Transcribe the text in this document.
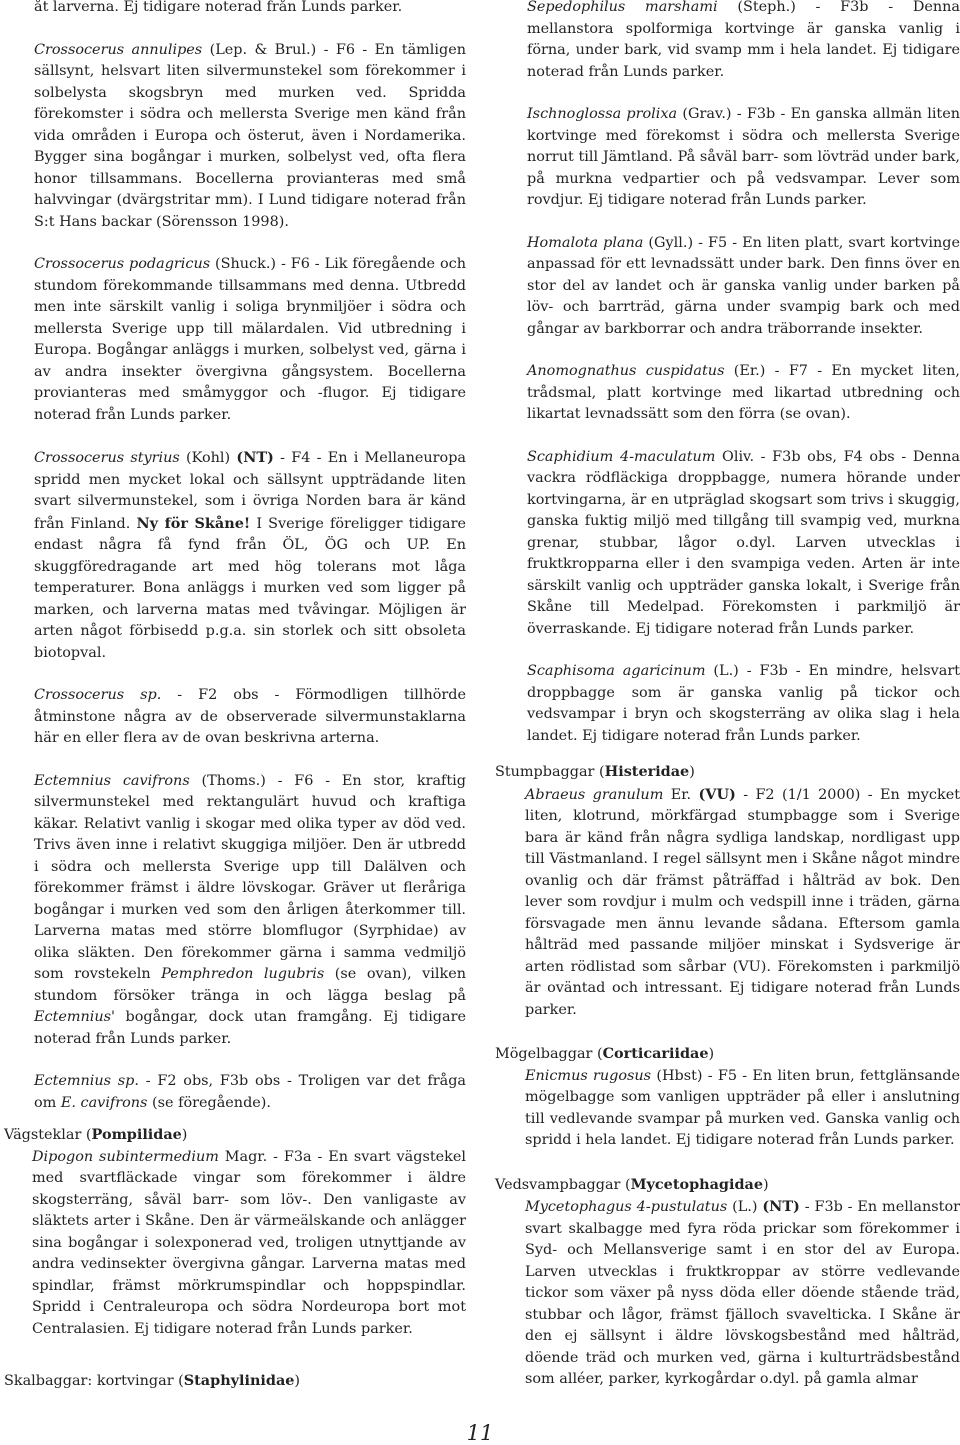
åt larverna. Ej tidigare noterad från Lunds parker.

Crossocerus annulipes (Lep. & Brul.) - F6 - En tämligen sällsynt, helsvart liten silvermunstekel som förekommer i solbelysta skogsbryn med murken ved. Spridda förekomster i södra och mellersta Sverige men känd från vida områden i Europa och österut, även i Nordamerika. Bygger sina bogångar i murken, solbelyst ved, ofta flera honor tillsammans. Bocellerna provianteras med små halvvingar (dvärgstritar mm). I Lund tidigare noterad från S:t Hans backar (Sörensson 1998).

Crossocerus podagricus (Shuck.) - F6 - Lik föregående och stundom förekommande tillsammans med denna. Utbredd men inte särskilt vanlig i soliga brynmiljöer i södra och mellersta Sverige upp till mälardalen. Vid utbredning i Europa. Bogångar anläggs i murken, solbelyst ved, gärna i av andra insekter övergivna gångsystem. Bocellerna provianteras med småmyggor och -flugor. Ej tidigare noterad från Lunds parker.

Crossocerus styrius (Kohl) (NT) - F4 - En i Mellaneuropa spridd men mycket lokal och sällsynt uppträdande liten svart silvermunstekel, som i övriga Norden bara är känd från Finland. Ny för Skåne! I Sverige föreligger tidigare endast några få fynd från ÖL, ÖG och UP. En skuggföredragande art med hög tolerans mot låga temperaturer. Bona anläggs i murken ved som ligger på marken, och larverna matas med tvåvingar. Möjligen är arten något förbisedd p.g.a. sin storlek och sitt obsoleta biotopval.

Crossocerus sp. - F2 obs - Förmodligen tillhörde åtminstone några av de observerade silvermunstaklarna här en eller flera av de ovan beskrivna arterna.

Ectemnius cavifrons (Thoms.) - F6 - En stor, kraftig silvermunstekel med rektangulärt huvud och kraftiga käkar. Relativt vanlig i skogar med olika typer av död ved. Trivs även inne i relativt skuggiga miljöer. Den är utbredd i södra och mellersta Sverige upp till Dalälven och förekommer främst i äldre lövskogar. Gräver ut fleråriga bogångar i murken ved som den årligen återkommer till. Larverna matas med större blomflugor (Syrphidae) av olika släkten. Den förekommer gärna i samma vedmiljö som rovstekeln Pemphredon lugubris (se ovan), vilken stundom försöker tränga in och lägga beslag på Ectemnius' bogångar, dock utan framgång. Ej tidigare noterad från Lunds parker.

Ectemnius sp. - F2 obs, F3b obs - Troligen var det fråga om E. cavifrons (se föregående).

Vägsteklar (Pompilidae)

Dipogon subintermedium Magr. - F3a - En svart vägstekel med svartfläckade vingar som förekommer i äldre skogsterräng, såväl barr- som löv-. Den vanligaste av släktets arter i Skåne. Den är värmeälskande och anlägger sina bogångar i solexponerad ved, troligen utnyttjande av andra vedinsekter övergivna gångar. Larverna matas med spindlar, främst mörkrumspindlar och hoppspindlar. Spridd i Centraleuropa och södra Nordeuropa bort mot Centralasien. Ej tidigare noterad från Lunds parker.

Skalbaggar: kortvingar (Staphylinidae)

Sepedophilus marshami (Steph.) - F3b - Denna mellanstora spolformiga kortvinge är ganska vanlig i förna, under bark, vid svamp mm i hela landet. Ej tidigare noterad från Lunds parker.

Ischnoglossa prolixa (Grav.) - F3b - En ganska allmän liten kortvinge med förekomst i södra och mellersta Sverige norrut till Jämtland. På såväl barr- som lövträd under bark, på murkna vedpartier och på vedsvampar. Lever som rovdjur. Ej tidigare noterad från Lunds parker.

Homalota plana (Gyll.) - F5 - En liten platt, svart kortvinge anpassad för ett levnadssätt under bark. Den finns över en stor del av landet och är ganska vanlig under barken på löv- och barrträd, gärna under svampig bark och med gångar av barkborrar och andra träborrande insekter.

Anomognathus cuspidatus (Er.) - F7 - En mycket liten, trådsmal, platt kortvinge med likartad utbredning och likartat levnadssätt som den förra (se ovan).

Scaphidium 4-maculatum Oliv. - F3b obs, F4 obs - Denna vackra rödfläckiga droppbagge, numera hörande under kortvingarna, är en utpräglad skogsart som trivs i skuggig, ganska fuktig miljö med tillgång till svampig ved, murkna grenar, stubbar, lågor o.dyl. Larven utvecklas i fruktkropparna eller i den svampiga veden. Arten är inte särskilt vanlig och uppträder ganska lokalt, i Sverige från Skåne till Medelpad. Förekomsten i parkmiljö är överraskande. Ej tidigare noterad från Lunds parker.

Scaphisoma agaricinum (L.) - F3b - En mindre, helsvart droppbagge som är ganska vanlig på tickor och vedsvampar i bryn och skogsterräng av olika slag i hela landet. Ej tidigare noterad från Lunds parker.

Stumpbaggar (Histeridae)

Abraeus granulum Er. (VU) - F2 (1/1 2000) - En mycket liten, klotrund, mörkfärgad stumpbagge som i Sverige bara är känd från några sydliga landskap, nordligast upp till Västmanland. I regel sällsynt men i Skåne något mindre ovanlig och där främst påträffad i hålträd av bok. Den lever som rovdjur i mulm och vedspill inne i träden, gärna försvagade men ännu levande sådana. Eftersom gamla hålträd med passande miljöer minskat i Sydsverige är arten rödlistad som sårbar (VU). Förekomsten i parkmiljö är oväntad och intressant. Ej tidigare noterad från Lunds parker.

Mögelbaggar (Corticariidae)

Enicmus rugosus (Hbst) - F5 - En liten brun, fettglänsande mögelbagge som vanligen uppträder på eller i anslutning till vedlevande svampar på murken ved. Ganska vanlig och spridd i hela landet. Ej tidigare noterad från Lunds parker.

Vedsvampbaggar (Mycetophagidae)

Mycetophagus 4-pustulatus (L.) (NT) - F3b - En mellanstor svart skalbagge med fyra röda prickar som förekommer i Syd- och Mellansverige samt i en stor del av Europa. Larven utvecklas i fruktkroppar av större vedlevande tickor som växer på nyss döda eller döende stående träd, stubbar och lågor, främst fjälloch svavelticka. I Skåne är den ej sällsynt i äldre lövskogsbestånd med hålträd, döende träd och murken ved, gärna i kulturträdsbestånd som alléer, parker, kyrkogårdar o.dyl. på gamla almar

11
